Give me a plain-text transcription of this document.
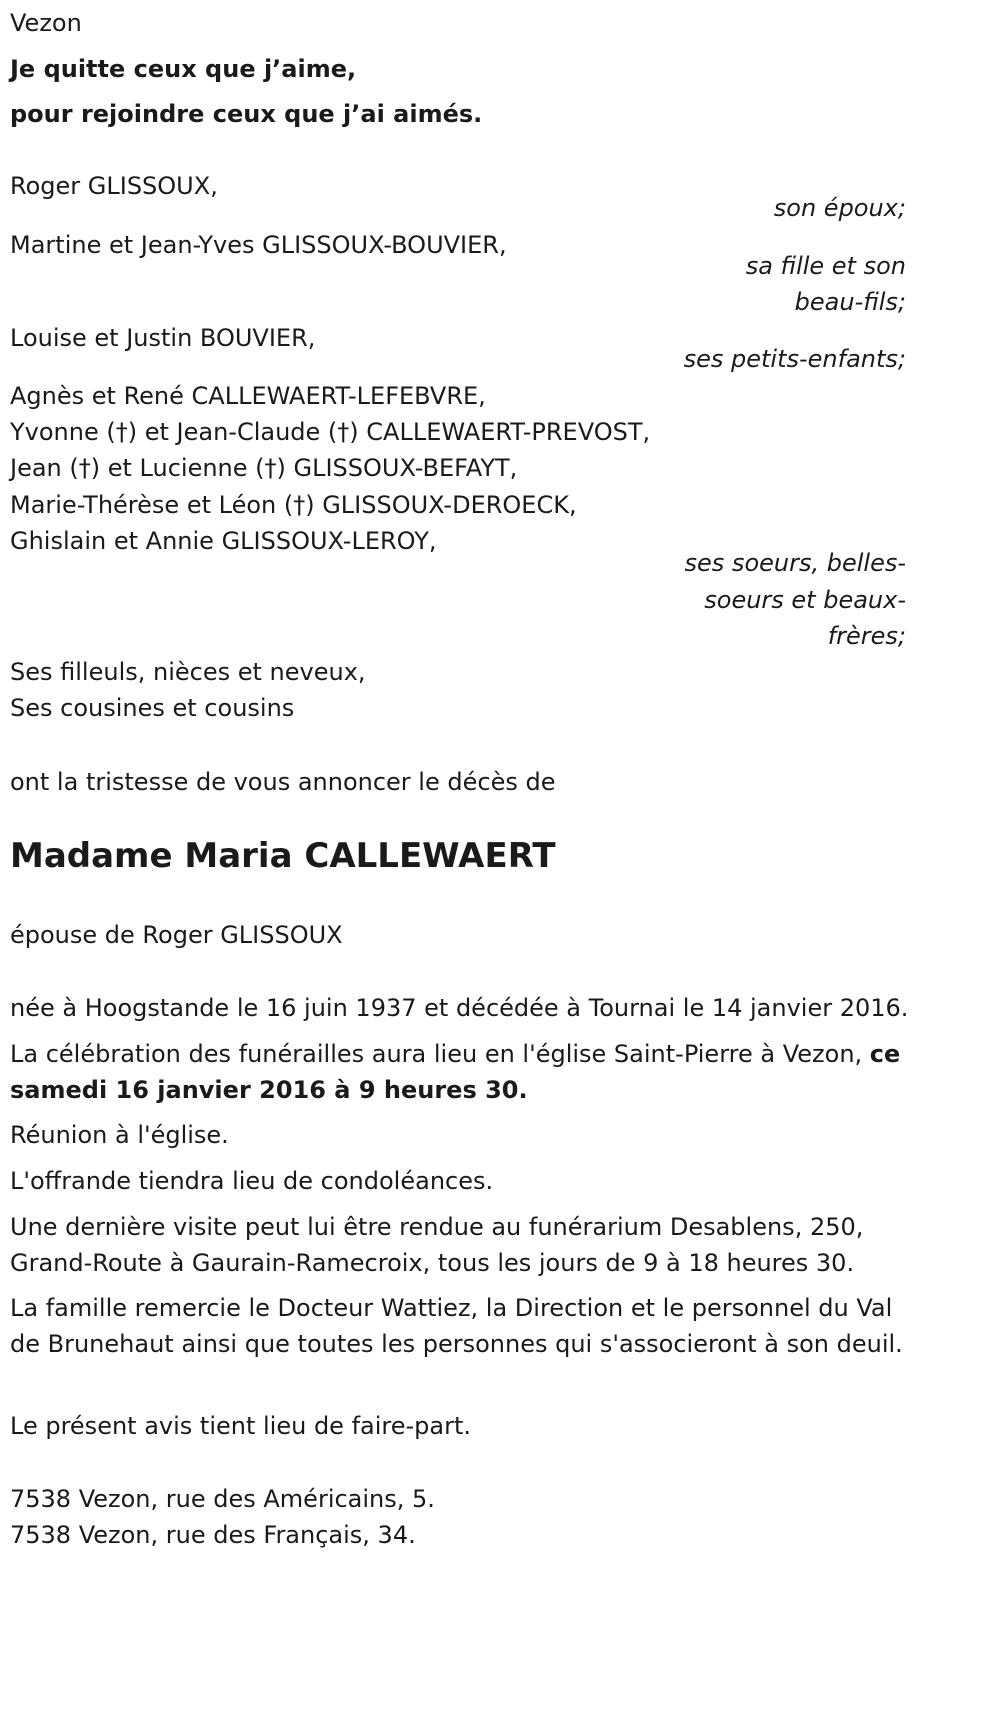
Vezon
Je quitte ceux que j’aime,
pour rejoindre ceux que j’ai aimés.
Roger GLISSOUX,
son époux;
Martine et Jean-Yves GLISSOUX-BOUVIER,
sa fille et son
beau-fils;
Louise et Justin BOUVIER,
ses petits-enfants;
Agnès et René CALLEWAERT-LEFEBVRE,
Yvonne (†) et Jean-Claude (†) CALLEWAERT-PREVOST,
Jean (†) et Lucienne (†) GLISSOUX-BEFAYT,
Marie-Thérèse et Léon (†) GLISSOUX-DEROECK,
Ghislain et Annie GLISSOUX-LEROY,
ses soeurs, belles-
soeurs et beaux-
frères;
Ses filleuls, nièces et neveux,
Ses cousines et cousins
ont la tristesse de vous annoncer le décès de
Madame Maria CALLEWAERT
épouse de Roger GLISSOUX
née à Hoogstande le 16 juin 1937 et décédée à Tournai le 14 janvier 2016.
La célébration des funérailles aura lieu en l'église Saint-Pierre à Vezon, ce samedi 16 janvier 2016 à 9 heures 30.
Réunion à l'église.
L'offrande tiendra lieu de condoléances.
Une dernière visite peut lui être rendue au funérarium Desablens, 250, Grand-Route à Gaurain-Ramecroix, tous les jours de 9 à 18 heures 30.
La famille remercie le Docteur Wattiez, la Direction et le personnel du Val de Brunehaut ainsi que toutes les personnes qui s'associeront à son deuil.
Le présent avis tient lieu de faire-part.
7538 Vezon, rue des Américains, 5.
7538 Vezon, rue des Français, 34.
